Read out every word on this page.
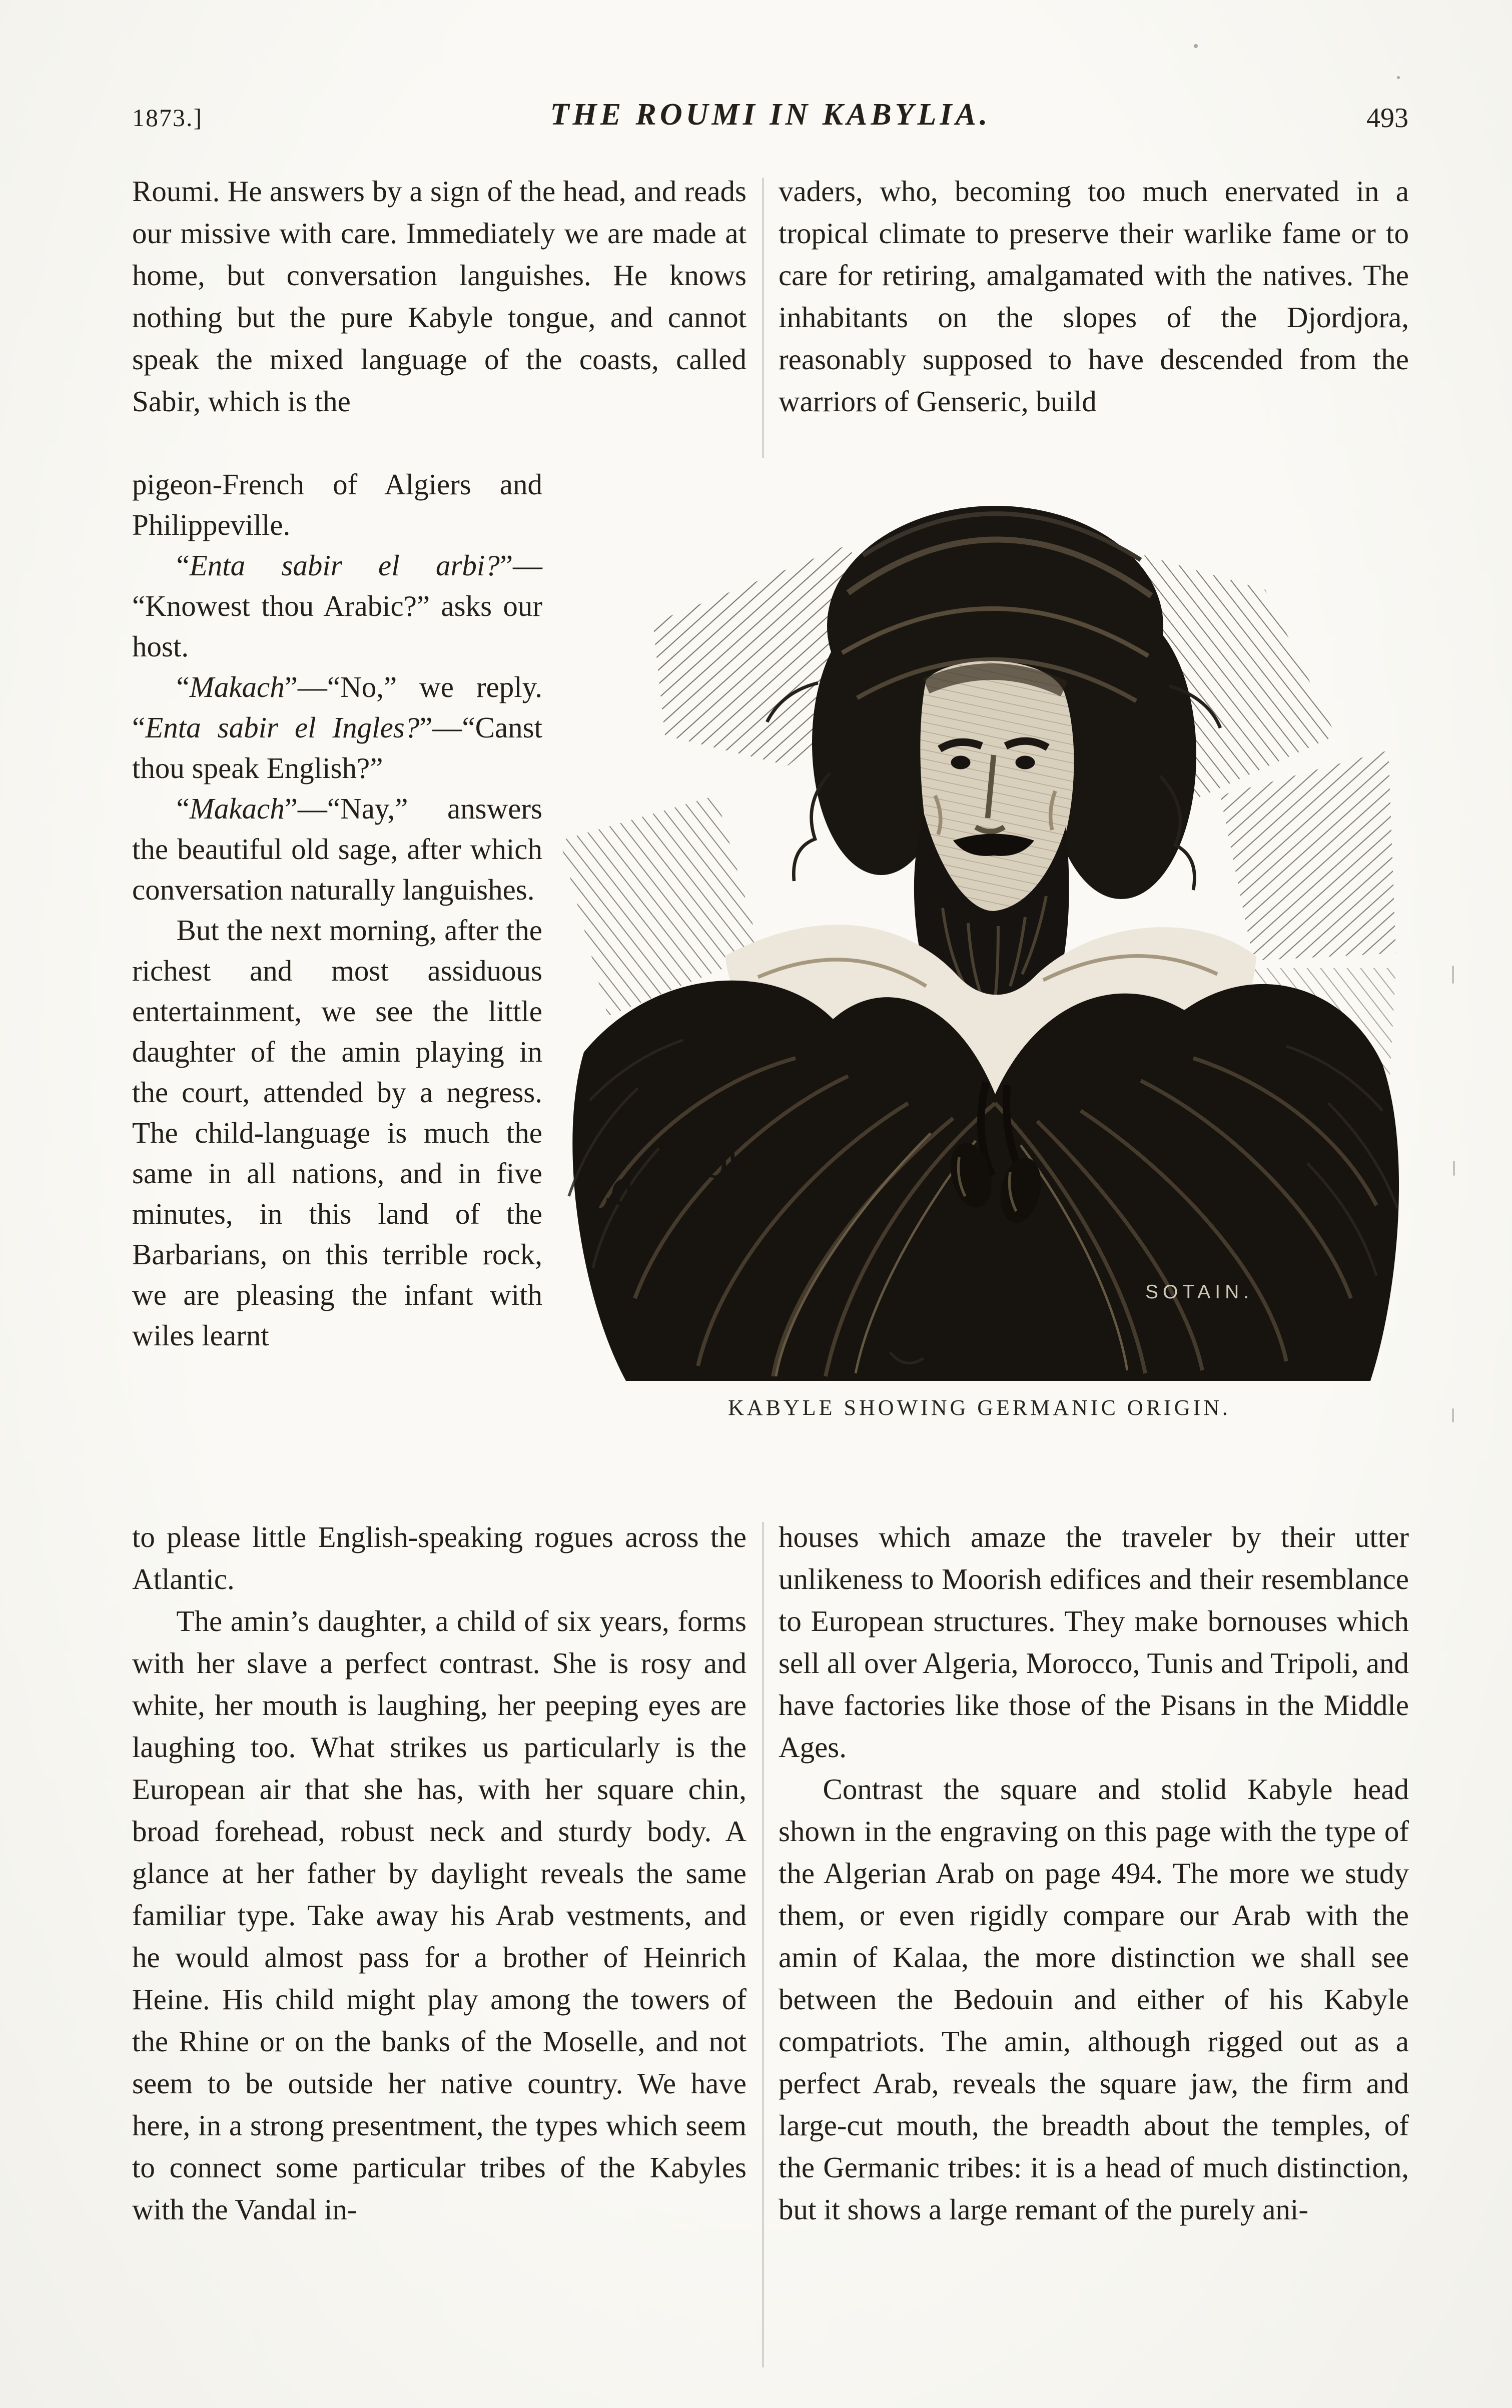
1873.]	THE ROUMI IN KABYLIA.	493

Roumi. He answers by a sign of the head, and reads our missive with care. Immediately we are made at home, but conversation languishes. He knows nothing but the pure Kabyle tongue, and cannot speak the mixed language of the coasts, called Sabir, which is the

vaders, who, becoming too much enervated in a tropical climate to preserve their warlike fame or to care for retiring, amalgamated with the natives. The inhabitants on the slopes of the Djordjora, reasonably supposed to have descended from the warriors of Genseric, build

pigeon-French of Algiers and Philippeville.

“Enta sabir el arbi?”— “Knowest thou Arabic?” asks our host.

“Makach”—“No,” we reply. “Enta sabir el Ingles?”—“Canst thou speak English?”

“Makach”—“Nay,” answers the beautiful old sage, after which conversation naturally languishes.

But the next morning, after the richest and most assiduous entertainment, we see the little daughter of the amin playing in the court, attended by a negress. The child-language is much the same in all nations, and in five minutes, in this land of the Barbarians, on this terrible rock, we are pleasing the infant with wiles learnt

to please little English-speaking rogues across the Atlantic.

The amin’s daughter, a child of six years, forms with her slave a perfect contrast. She is rosy and white, her mouth is laughing, her peeping eyes are laughing too. What strikes us particularly is the European air that she has, with her square chin, broad forehead, robust neck and sturdy body. A glance at her father by daylight reveals the same familiar type. Take away his Arab vestments, and he would almost pass for a brother of Heinrich Heine. His child might play among the towers of the Rhine or on the banks of the Moselle, and not seem to be outside her native country. We have here, in a strong presentment, the types which seem to connect some particular tribes of the Kabyles with the Vandal in-

houses which amaze the traveler by their utter unlikeness to Moorish edifices and their resemblance to European structures. They make bornouses which sell all over Algeria, Morocco, Tunis and Tripoli, and have factories like those of the Pisans in the Middle Ages.

Contrast the square and stolid Kabyle head shown in the engraving on this page with the type of the Algerian Arab on page 494. The more we study them, or even rigidly compare our Arab with the amin of Kalaa, the more distinction we shall see between the Bedouin and either of his Kabyle compatriots. The amin, although rigged out as a perfect Arab, reveals the square jaw, the firm and large-cut mouth, the breadth about the temples, of the Germanic tribes: it is a head of much distinction, but it shows a large remant of the purely ani-

Castelot
SOTAIN.
KABYLE SHOWING GERMANIC ORIGIN.
